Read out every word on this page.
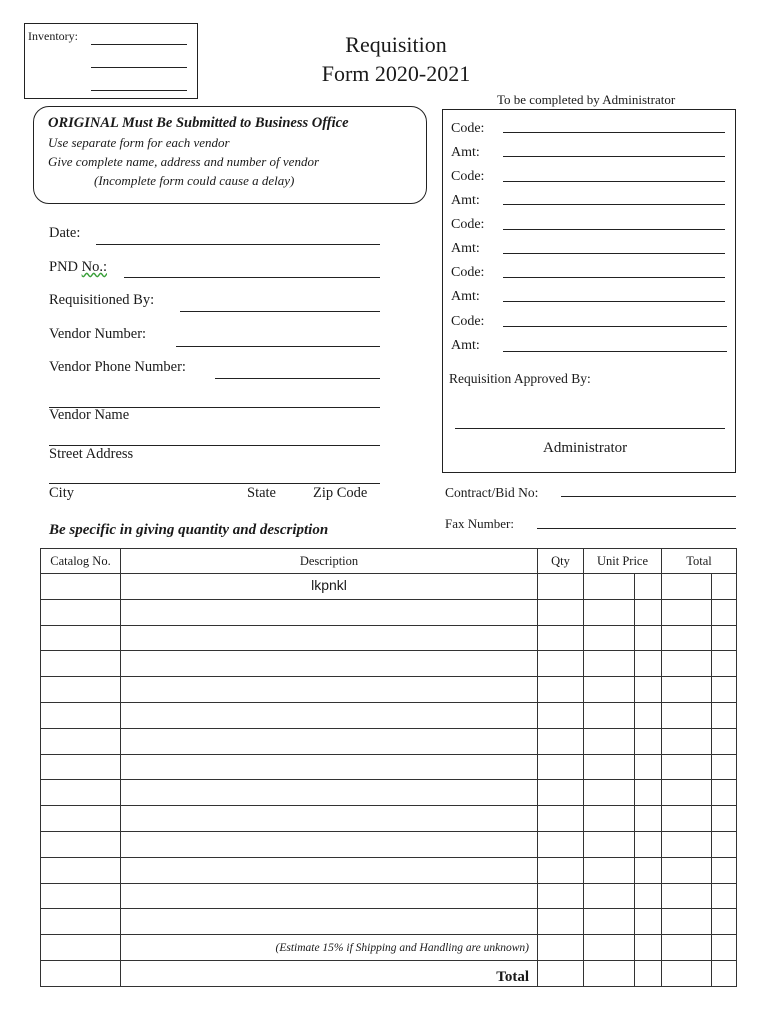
Inventory:	Requisition
Form 2020-2021
ORIGINAL Must Be Submitted to Business Office
Use separate form for each vendor
Give complete name, address and number of vendor
(Incomplete form could cause a delay)
To be completed by Administrator
Code:
Amt:
Code:
Amt:
Code:
Amt:
Code:
Amt:
Code:
Amt:
Requisition Approved By:
Administrator
Date:
PND No.:
Requisitioned By:
Vendor Number:
Vendor Phone Number:
Vendor Name
Street Address
City	State	Zip Code	Contract/Bid No:
Fax Number:
Be specific in giving quantity and description
Catalog No.	Description	Qty	Unit Price		Total	
	lkpnkl					

	(Estimate 15% if Shipping and Handling are unknown)					
	Total					
